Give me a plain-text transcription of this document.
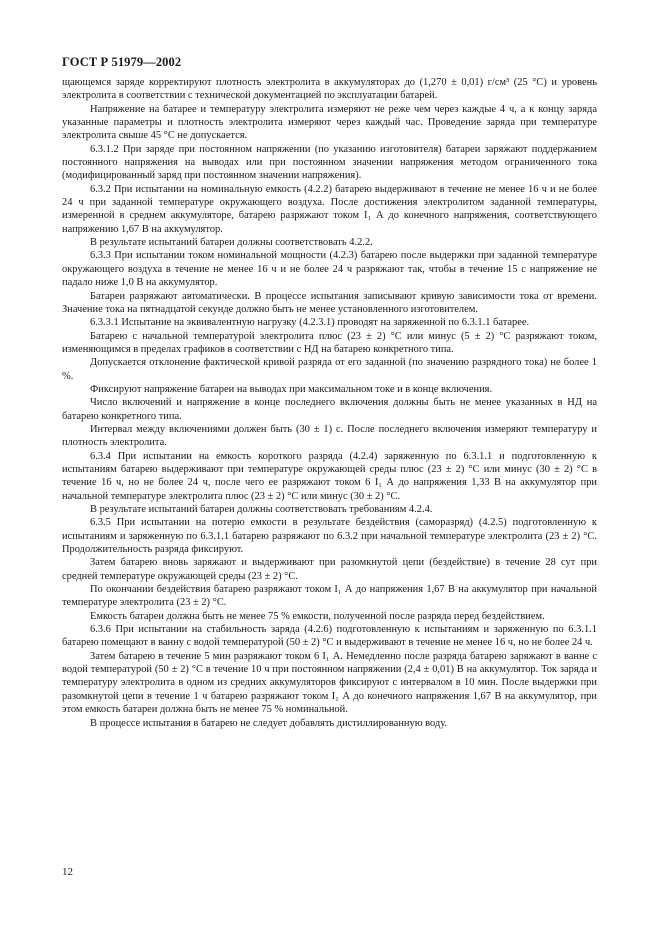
ГОСТ Р 51979—2002

щающемся заряде корректируют плотность электролита в аккумуляторах до (1,270 ± 0,01) г/см³ (25 °С) и уровень электролита в соответствии с технической документацией по эксплуатации батарей.

Напряжение на батарее и температуру электролита измеряют не реже чем через каждые 4 ч, а к концу заряда указанные параметры и плотность электролита измеряют через каждый час. Проведение заряда при температуре электролита свыше 45 °С не допускается.

6.3.1.2 При заряде при постоянном напряжении (по указанию изготовителя) батареи заряжают поддержанием постоянного напряжения на выводах или при постоянном значении напряжения методом ограниченного тока (модифицированный заряд при постоянном значении напряжения).

6.3.2 При испытании на номинальную емкость (4.2.2) батарею выдерживают в течение не менее 16 ч и не более 24 ч при заданной температуре окружающего воздуха. После достижения электролитом заданной температуры, измеренной в среднем аккумуляторе, батарею разряжают током I₁ А до конечного напряжения, соответствующего напряжению 1,67 В на аккумулятор.

В результате испытаний батареи должны соответствовать 4.2.2.

6.3.3 При испытании током номинальной мощности (4.2.3) батарею после выдержки при заданной температуре окружающего воздуха в течение не менее 16 ч и не более 24 ч разряжают так, чтобы в течение 15 с напряжение не падало ниже 1,0 В на аккумулятор.

Батареи разряжают автоматически. В процессе испытания записывают кривую зависимости тока от времени. Значение тока на пятнадцатой секунде должно быть не менее установленного изготовителем.

6.3.3.1 Испытание на эквивалентную нагрузку (4.2.3.1) проводят на заряженной по 6.3.1.1 батарее.

Батарею с начальной температурой электролита плюс (23 ± 2) °С или минус (5 ± 2) °С разряжают током, изменяющимся в пределах графиков в соответствии с НД на батарею конкретного типа.

Допускается отклонение фактической кривой разряда от его заданной (по значению разрядного тока) не более 1 %.

Фиксируют напряжение батареи на выводах при максимальном токе и в конце включения.

Число включений и напряжение в конце последнего включения должны быть не менее указанных в НД на батарею конкретного типа.

Интервал между включениями должен быть (30 ± 1) с. После последнего включения измеряют температуру и плотность электролита.

6.3.4 При испытании на емкость короткого разряда (4.2.4) заряженную по 6.3.1.1 и подготовленную к испытаниям батарею выдерживают при температуре окружающей среды плюс (23 ± 2) °С или минус (30 ± 2) °С в течение 16 ч, но не более 24 ч, после чего ее разряжают током 6 I₁ А до напряжения 1,33 В на аккумулятор при начальной температуре электролита плюс (23 ± 2) °С или минус (30 ± 2) °С.

В результате испытаний батареи должны соответствовать требованиям 4.2.4.

6.3.5 При испытании на потерю емкости в результате бездействия (саморазряд) (4.2.5) подготовленную к испытаниям и заряженную по 6.3.1.1 батарею разряжают по 6.3.2 при начальной температуре электролита (23 ± 2) °С. Продолжительность разряда фиксируют.

Затем батарею вновь заряжают и выдерживают при разомкнутой цепи (бездействие) в течение 28 сут при средней температуре окружающей среды (23 ± 2) °С.

По окончании бездействия батарею разряжают током I₁ А до напряжения 1,67 В на аккумулятор при начальной температуре электролита (23 ± 2) °С.

Емкость батареи должна быть не менее 75 % емкости, полученной после разряда перед бездействием.

6.3.6 При испытании на стабильность заряда (4.2.6) подготовленную к испытаниям и заряженную по 6.3.1.1 батарею помещают в ванну с водой температурой (50 ± 2) °С и выдерживают в течение не менее 16 ч, но не более 24 ч.

Затем батарею в течение 5 мин разряжают током 6 I₁ А. Немедленно после разряда батарею заряжают в ванне с водой температурой (50 ± 2) °С в течение 10 ч при постоянном напряжении (2,4 ± 0,01) В на аккумулятор. Ток заряда и температуру электролита в одном из средних аккумуляторов фиксируют с интервалом в 10 мин. После выдержки при разомкнутой цепи в течение 1 ч батарею разряжают током I₁ А до конечного напряжения 1,67 В на аккумулятор, при этом емкость батареи должна быть не менее 75 % номинальной.

В процессе испытания в батарею не следует добавлять дистиллированную воду.

12
